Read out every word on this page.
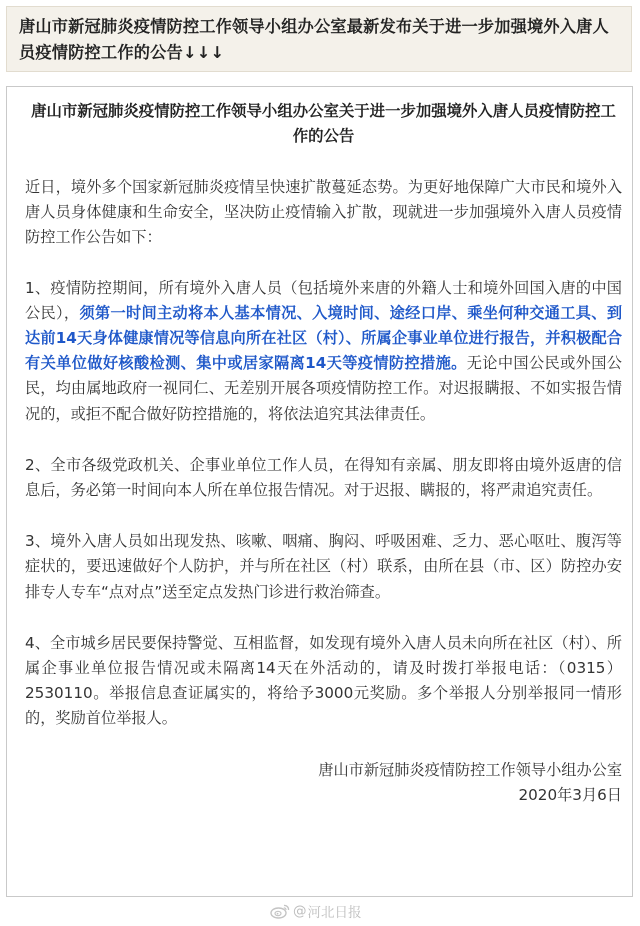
唐山市新冠肺炎疫情防控工作领导小组办公室最新发布关于进一步加强境外入唐人员疫情防控工作的公告↓↓↓
唐山市新冠肺炎疫情防控工作领导小组办公室关于进一步加强境外入唐人员疫情防控工作的公告

近日，境外多个国家新冠肺炎疫情呈快速扩散蔓延态势。为更好地保障广大市民和境外入唐人员身体健康和生命安全，坚决防止疫情输入扩散，现就进一步加强境外入唐人员疫情防控工作公告如下：

1、疫情防控期间，所有境外入唐人员（包括境外来唐的外籍人士和境外回国入唐的中国公民），须第一时间主动将本人基本情况、入境时间、途经口岸、乘坐何种交通工具、到达前14天身体健康情况等信息向所在社区（村）、所属企事业单位进行报告，并积极配合有关单位做好核酸检测、集中或居家隔离14天等疫情防控措施。无论中国公民或外国公民，均由属地政府一视同仁、无差别开展各项疫情防控工作。对迟报瞒报、不如实报告情况的，或拒不配合做好防控措施的，将依法追究其法律责任。

2、全市各级党政机关、企事业单位工作人员，在得知有亲属、朋友即将由境外返唐的信息后，务必第一时间向本人所在单位报告情况。对于迟报、瞒报的，将严肃追究责任。

3、境外入唐人员如出现发热、咳嗽、咽痛、胸闷、呼吸困难、乏力、恶心呕吐、腹泻等症状的，要迅速做好个人防护，并与所在社区（村）联系，由所在县（市、区）防控办安排专人专车“点对点”送至定点发热门诊进行救治筛查。

4、全市城乡居民要保持警觉、互相监督，如发现有境外入唐人员未向所在社区（村）、所属企事业单位报告情况或未隔离14天在外活动的，请及时拨打举报电话：（0315）2530110。举报信息查证属实的，将给予3000元奖励。多个举报人分别举报同一情形的，奖励首位举报人。

唐山市新冠肺炎疫情防控工作领导小组办公室
2020年3月6日
@ 河北日报
